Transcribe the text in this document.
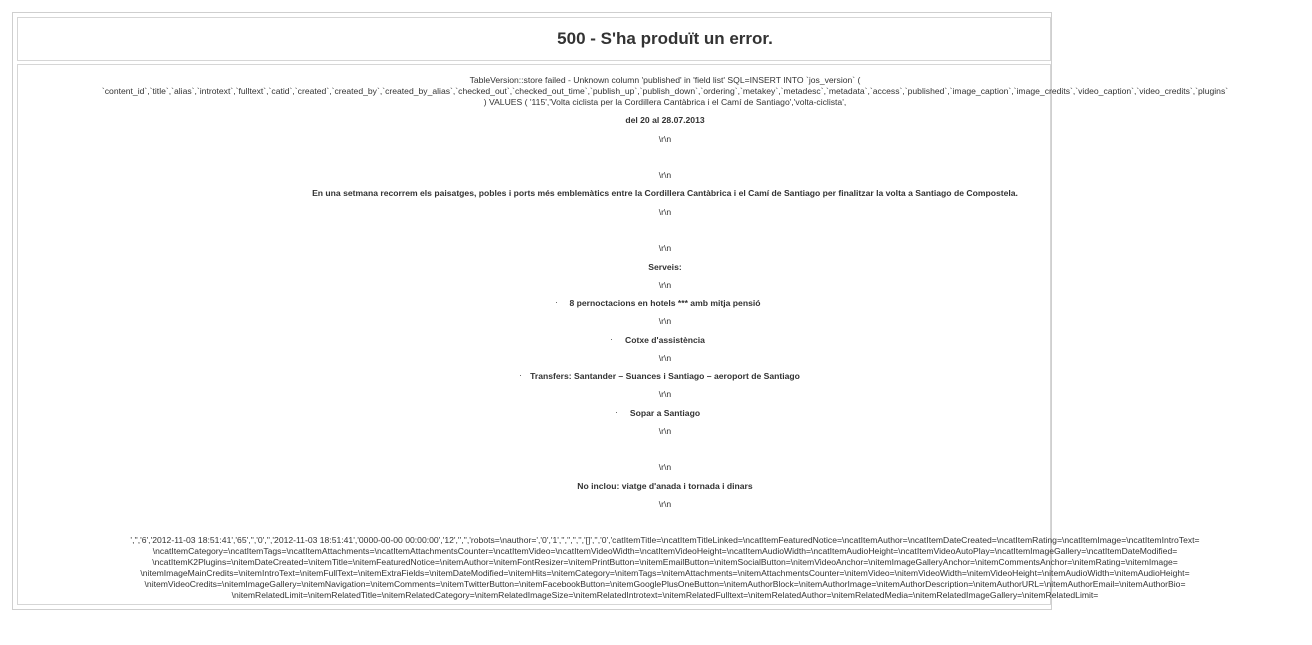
500 - S'ha produït un error.
TableVersion::store failed - Unknown column 'published' in 'field list' SQL=INSERT INTO `jos_version` (
`content_id`,`title`,`alias`,`introtext`,`fulltext`,`catid`,`created`,`created_by`,`created_by_alias`,`checked_out`,`checked_out_time`,`publish_up`,`publish_down`,`ordering`,`metakey`,`metadesc`,`metadata`,`access`,`published`,`image_caption`,`image_credits`,`video_caption`,`video_credits`,`plugins`
) VALUES ( '115','Volta ciclista per la Cordillera Cantàbrica i el Camí de Santiago','volta-ciclista',
del 20 al 28.07.2013
\r\n
\r\n
En una setmana recorrem els paisatges, pobles i ports més emblemàtics entre la Cordillera Cantàbrica i el Camí de Santiago per finalitzar la volta a Santiago de Compostela.
\r\n
\r\n
Serveis:
\r\n
·	8 pernoctacions en hotels *** amb mitja pensió
\r\n
·	Cotxe d'assistència
\r\n
· Transfers: Santander – Suances i Santiago – aeroport de Santiago
\r\n
·	Sopar a Santiago
\r\n
\r\n
No inclou: viatge d'anada i tornada i dinars
\r\n
','','6','2012-11-03 18:51:41','65','','0','','2012-11-03 18:51:41','0000-00-00 00:00:00','12','','','robots=\nauthor=','0','1','','','','','[]','','0','catItemTitle=\ncatItemTitleLinked=\ncatItemFeaturedNotice=\ncatItemAuthor=\ncatItemDateCreated=\ncatItemRating=\ncatItemImage=\ncatItemIntroText=
\ncatItemCategory=\ncatItemTags=\ncatItemAttachments=\ncatItemAttachmentsCounter=\ncatItemVideo=\ncatItemVideoWidth=\ncatItemVideoHeight=\ncatItemAudioWidth=\ncatItemAudioHeight=\ncatItemVideoAutoPlay=\ncatItemImageGallery=\ncatItemDateModified=
\ncatItemK2Plugins=\nitemDateCreated=\nitemTitle=\nitemFeaturedNotice=\nitemAuthor=\nitemFontResizer=\nitemPrintButton=\nitemEmailButton=\nitemSocialButton=\nitemVideoAnchor=\nitemImageGalleryAnchor=\nitemCommentsAnchor=\nitemRating=\nitemImage=
\nitemImageMainCredits=\nitemIntroText=\nitemFullText=\nitemExtraFields=\nitemDateModified=\nitemHits=\nitemCategory=\nitemTags=\nitemAttachments=\nitemAttachmentsCounter=\nitemVideo=\nitemVideoWidth=\nitemVideoHeight=\nitemAudioWidth=\nitemAudioHeight=
\nitemVideoCredits=\nitemImageGallery=\nitemNavigation=\nitemComments=\nitemTwitterButton=\nitemFacebookButton=\nitemGooglePlusOneButton=\nitemAuthorBlock=\nitemAuthorImage=\nitemAuthorDescription=\nitemAuthorURL=\nitemAuthorEmail=\nitemAuthorBio=
\nitemRelatedLimit=\nitemRelatedTitle=\nitemRelatedCategory=\nitemRelatedImageSize=\nitemRelatedIntrotext=\nitemRelatedFulltext=\nitemRelatedAuthor=\nitemRelatedMedia=\nitemRelatedImageGallery=\nitemRelatedLimit=
